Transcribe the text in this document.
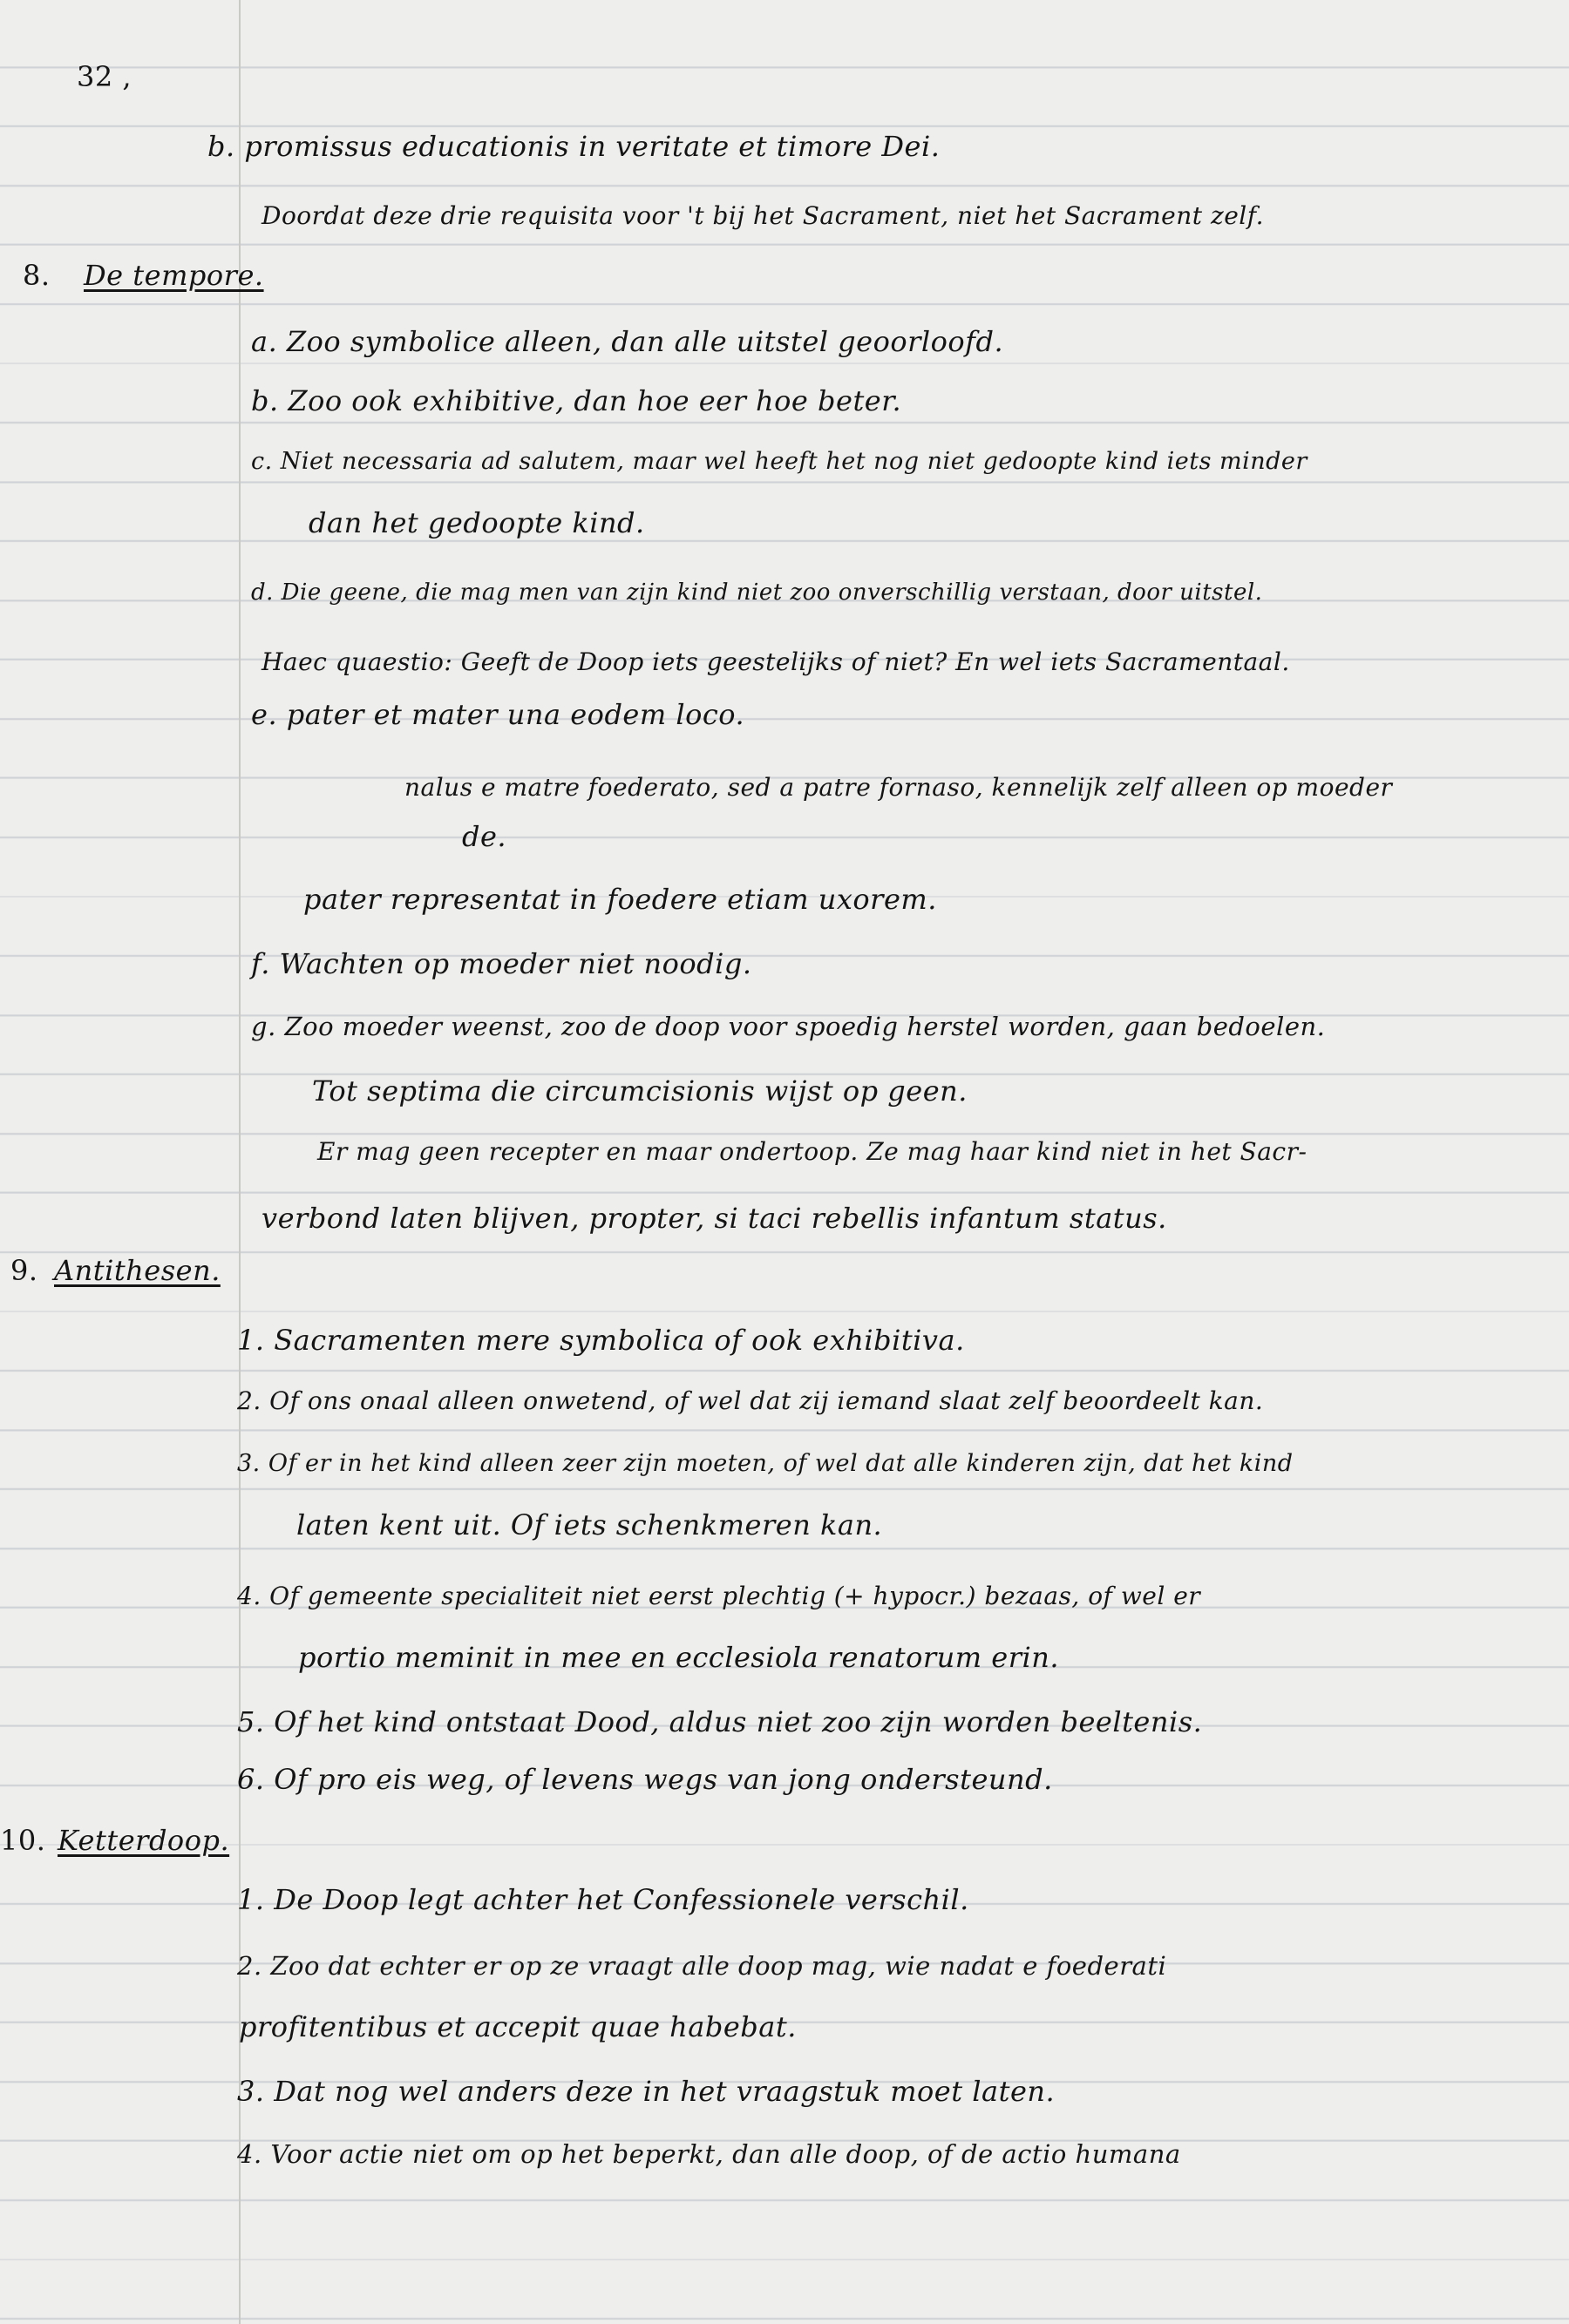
32 ,
b. promissus educationis in veritate et timore Dei.
Doordat deze drie requisita voor 't bij het Sacrament, niet het Sacrament zelf.
8. De tempore.
a. Zoo symbolice alleen, dan alle uitstel geoorloofd.
b. Zoo ook exhibitive, dan hoe eer hoe beter.
c. Niet necessaria ad salutem, maar wel heeft het nog niet gedoopte kind iets minder
dan het gedoopte kind.
d. Die geene, die mag men van zijn kind niet zoo onverschillig verstaan, door uitstel.
Haec quaestio: Geeft de Doop iets geestelijks of niet? En wel iets Sacramentaal.
e. pater et mater una eodem loco.
nalus e matre foederato, sed a patre fornaso, kennelijk zelf alleen op moeder
de.
pater representat in foedere etiam uxorem.
f. Wachten op moeder niet noodig.
g. Zoo moeder weenst, zoo de doop voor spoedig herstel worden, gaan bedoelen.
Tot septima die circumcisionis wijst op geen.
Er mag geen recepter en maar ondertoop. Ze mag haar kind niet in het Sacr-
verbond laten blijven, propter, si taci rebellis infantum status.
9. Antithesen.
1. Sacramenten mere symbolica of ook exhibitiva.
2. Of ons onaal alleen onwetend, of wel dat zij iemand slaat zelf beoordeelt kan.
3. Of er in het kind alleen zeer zijn moeten, of wel dat alle kinderen zijn, dat het kind
laten kent uit. Of iets schenkmeren kan.
4. Of gemeente specialiteit niet eerst plechtig (+ hypocr.) bezaas, of wel er
portio meminit in mee en ecclesiola renatorum erin.
5. Of het kind ontstaat Dood, aldus niet zoo zijn worden beeltenis.
6. Of pro eis weg, of levens wegs van jong ondersteund.
10. Ketterdoop.
1. De Doop legt achter het Confessionele verschil.
2. Zoo dat echter er op ze vraagt alle doop mag, wie nadat e foederati
profitentibus et accepit quae habebat.
3. Dat nog wel anders deze in het vraagstuk moet laten.
4. Voor actie niet om op het beperkt, dan alle doop, of de actio humana
